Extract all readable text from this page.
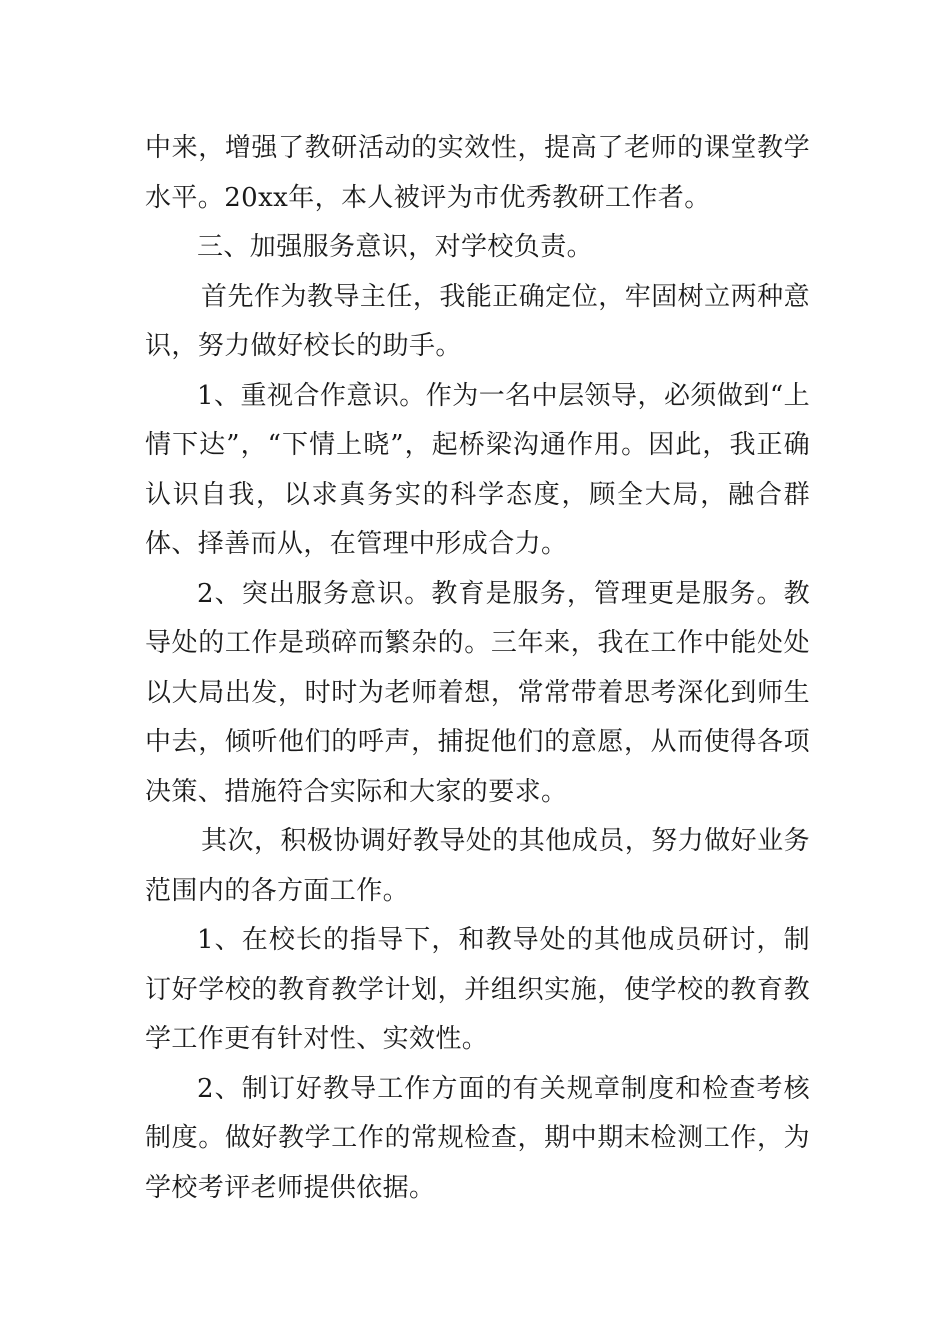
中来，增强了教研活动的实效性，提高了老师的课堂教学水平。20xx年，本人被评为市优秀教研工作者。

三、加强服务意识，对学校负责。

首先作为教导主任，我能正确定位，牢固树立两种意识，努力做好校长的助手。

1、重视合作意识。作为一名中层领导，必须做到“上情下达”，“下情上晓”，起桥梁沟通作用。因此，我正确认识自我，以求真务实的科学态度，顾全大局，融合群体、择善而从，在管理中形成合力。

2、突出服务意识。教育是服务，管理更是服务。教导处的工作是琐碎而繁杂的。三年来，我在工作中能处处以大局出发，时时为老师着想，常常带着思考深化到师生中去，倾听他们的呼声，捕捉他们的意愿，从而使得各项决策、措施符合实际和大家的要求。

其次，积极协调好教导处的其他成员，努力做好业务范围内的各方面工作。

1、在校长的指导下，和教导处的其他成员研讨，制订好学校的教育教学计划，并组织实施，使学校的教育教学工作更有针对性、实效性。

2、制订好教导工作方面的有关规章制度和检查考核制度。做好教学工作的常规检查，期中期末检测工作，为学校考评老师提供依据。
